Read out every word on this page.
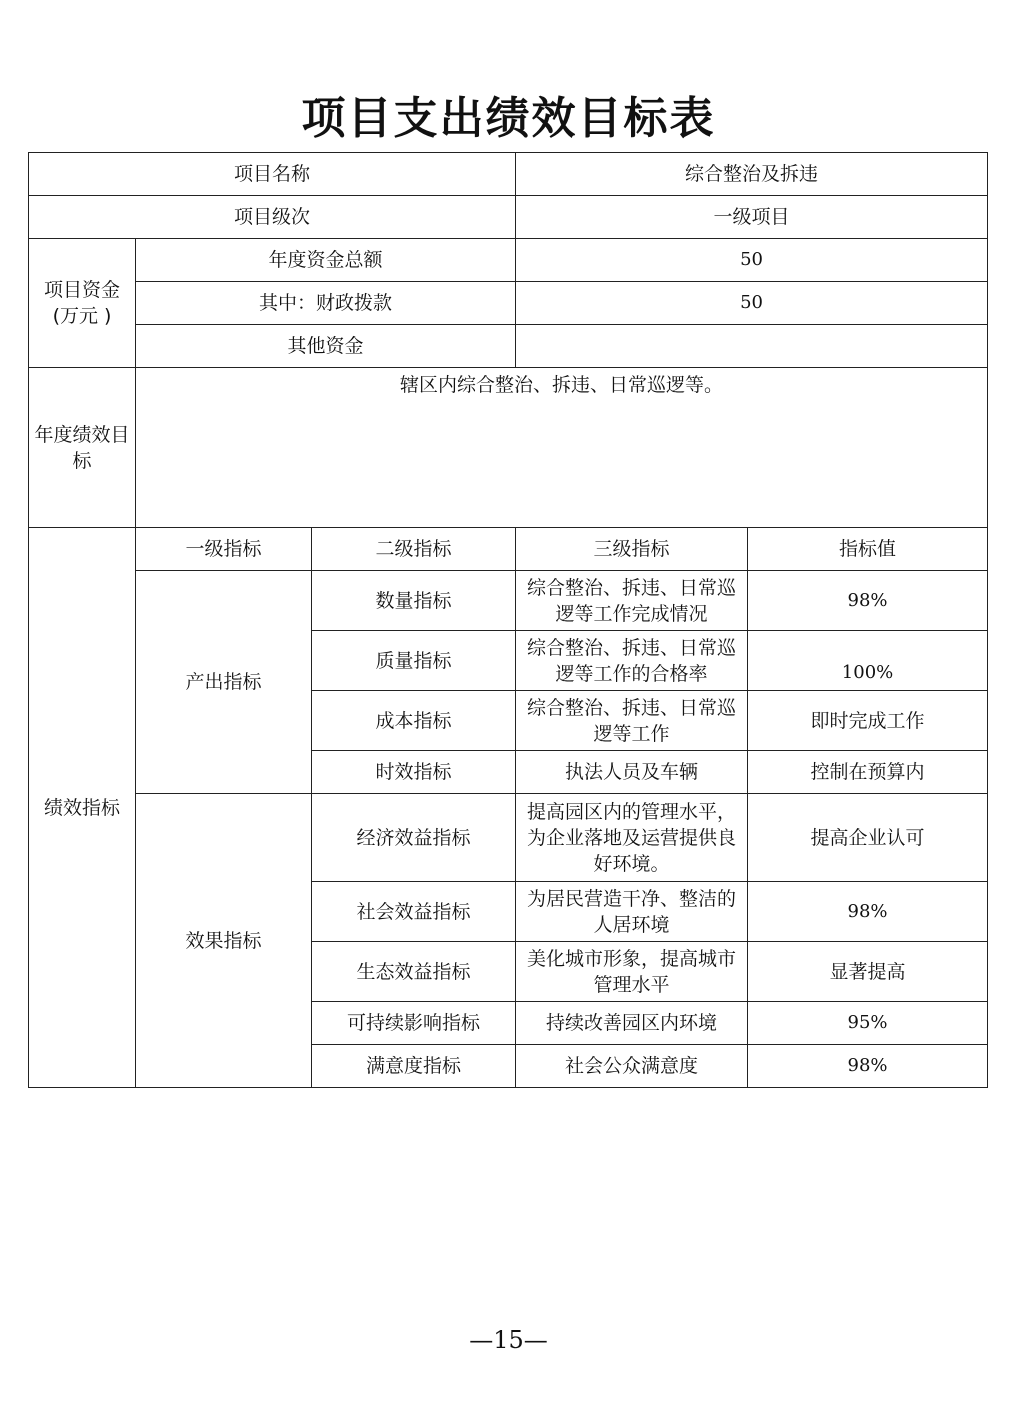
项目支出绩效目标表
项目名称			综合整治及拆违	
项目级次			一级项目	
项目资金(万元 )	年度资金总额		50	
	其中：财政拨款		50	
	其他资金			
年度绩效目标	辖区内综合整治、拆违、日常巡逻等。			
绩效指标	一级指标	二级指标	三级指标	指标值
	产出指标	数量指标	综合整治、拆违、日常巡逻等工作完成情况	98%
		质量指标	综合整治、拆违、日常巡逻等工作的合格率	100%
		成本指标	综合整治、拆违、日常巡逻等工作	即时完成工作
		时效指标	执法人员及车辆	控制在预算内
	效果指标	经济效益指标	提高园区内的管理水平，为企业落地及运营提供良好环境。	提高企业认可
		社会效益指标	为居民营造干净、整洁的人居环境	98%
		生态效益指标	美化城市形象，提高城市管理水平	显著提高
		可持续影响指标	持续改善园区内环境	95%
		满意度指标	社会公众满意度	98%
—15—
